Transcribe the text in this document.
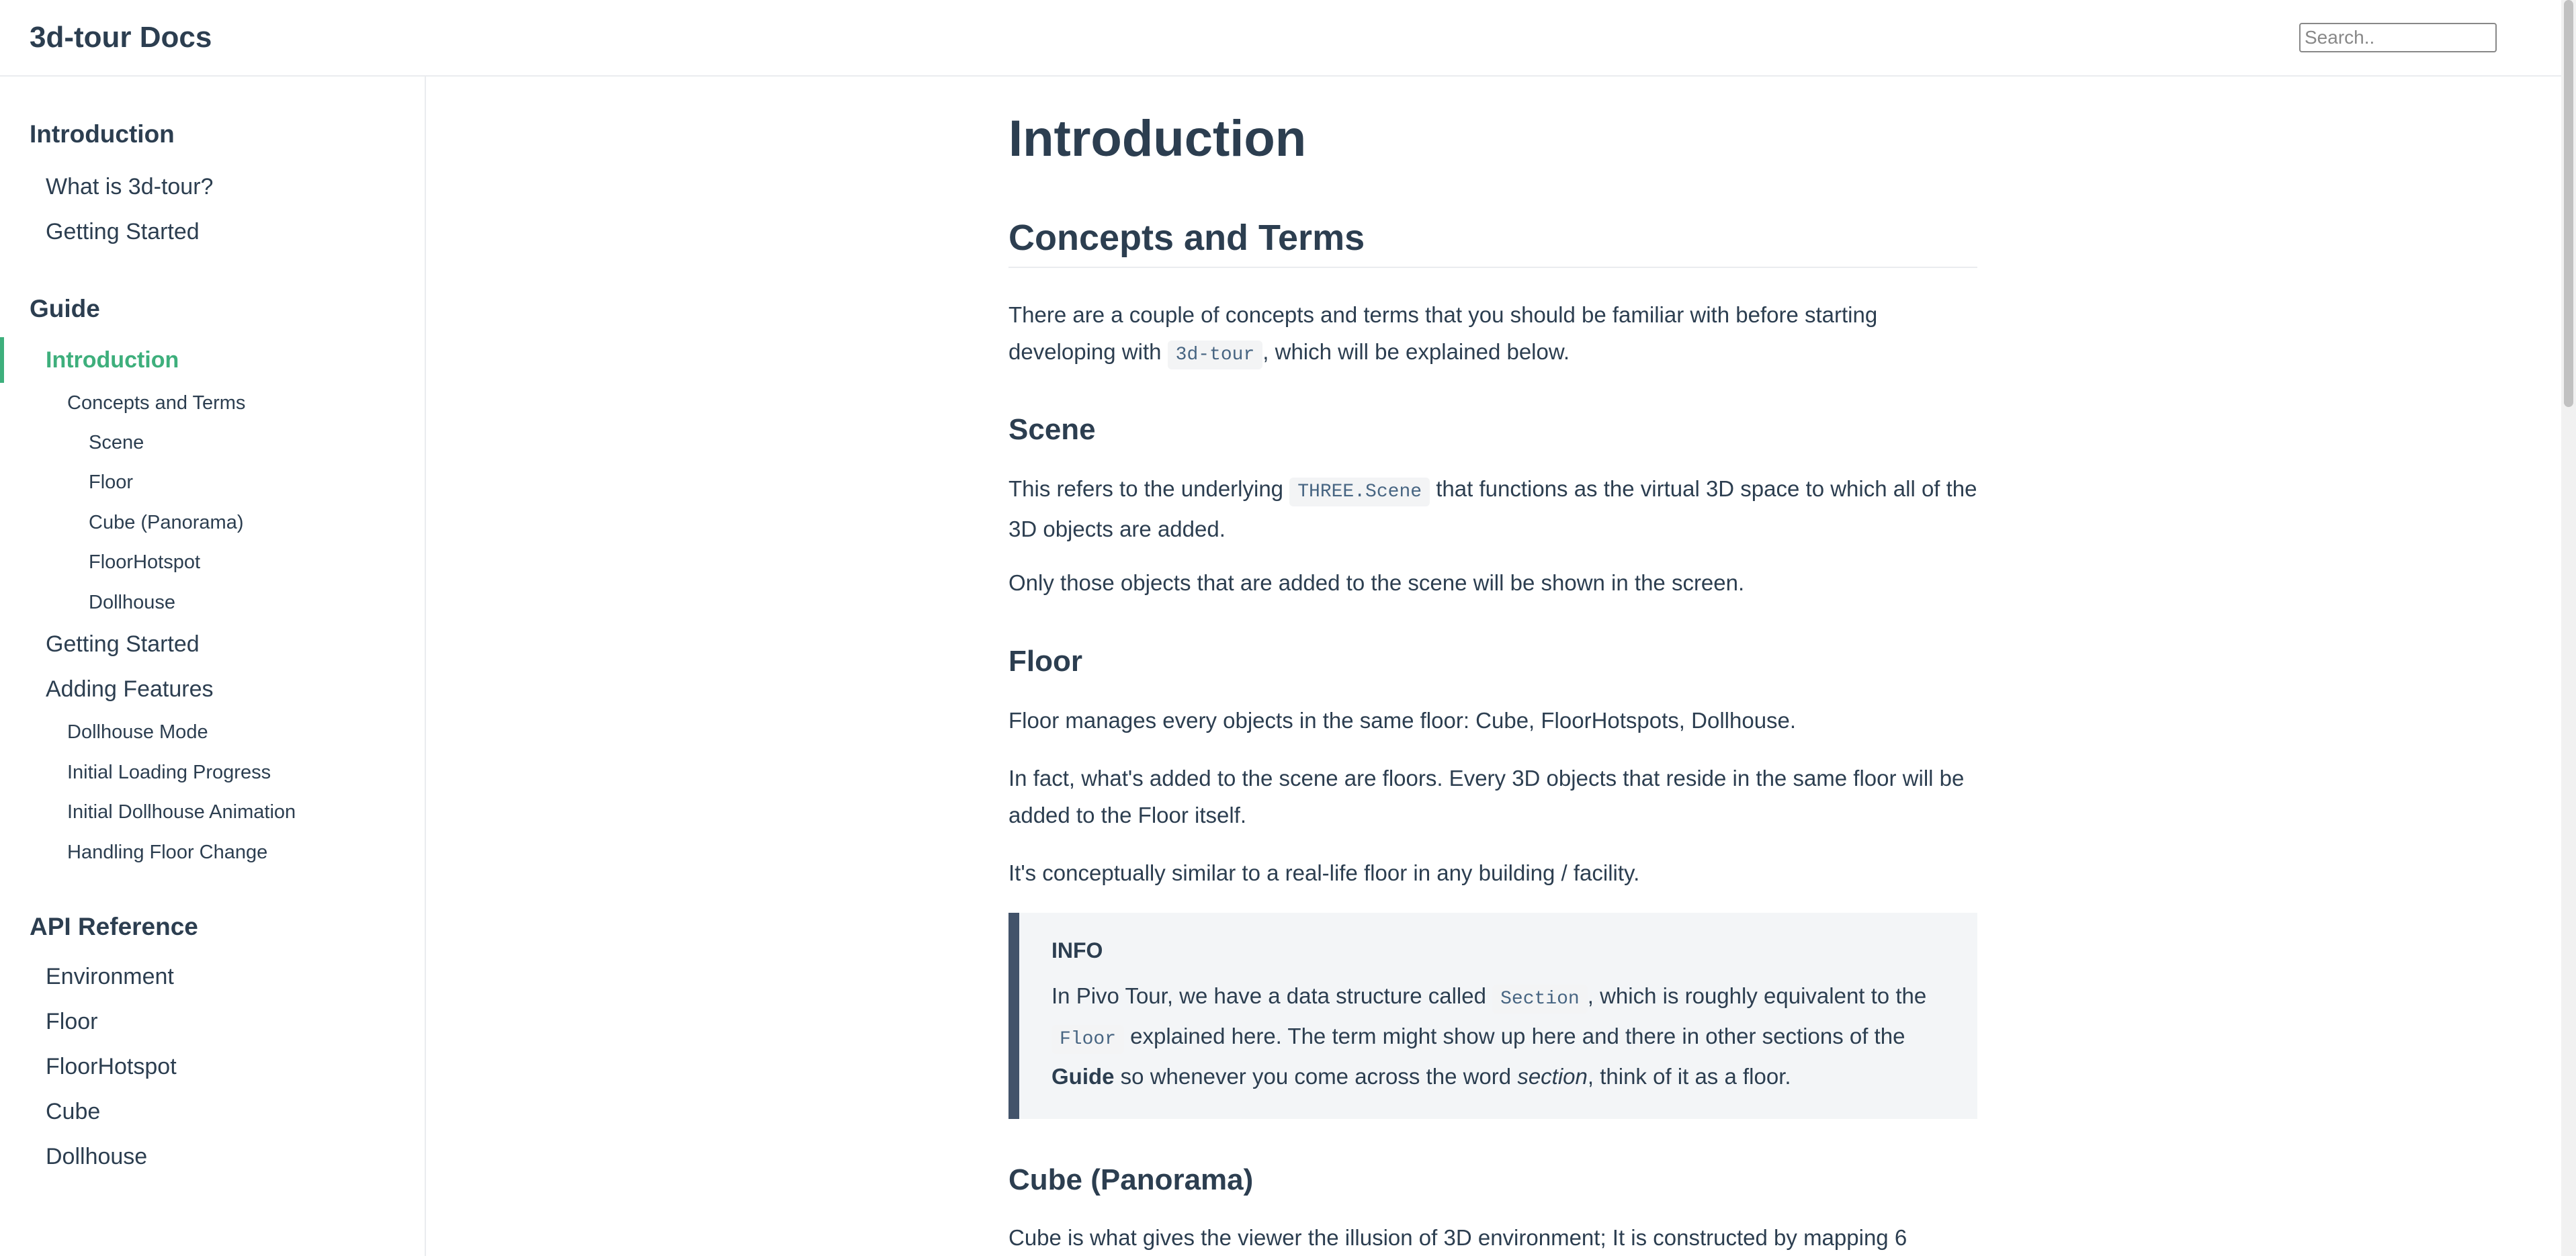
3d-tour Docs
Search..
Introduction
What is 3d-tour?
Getting Started
Guide
Introduction
Concepts and Terms
Scene
Floor
Cube (Panorama)
FloorHotspot
Dollhouse
Getting Started
Adding Features
Dollhouse Mode
Initial Loading Progress
Initial Dollhouse Animation
Handling Floor Change
API Reference
Environment
Floor
FloorHotspot
Cube
Dollhouse
Introduction
Concepts and Terms

There are a couple of concepts and terms that you should be familiar with before starting developing with 3d-tour , which will be explained below.

Scene

This refers to the underlying THREE.Scene that functions as the virtual 3D space to which all of the 3D objects are added.

Only those objects that are added to the scene will be shown in the screen.

Floor

Floor manages every objects in the same floor: Cube, FloorHotspots, Dollhouse.

In fact, what's added to the scene are floors. Every 3D objects that reside in the same floor will be added to the Floor itself.

It's conceptually similar to a real-life floor in any building / facility.

INFO
In Pivo Tour, we have a data structure called Section , which is roughly equivalent to the Floor explained here. The term might show up here and there in other sections of the Guide so whenever you come across the word section, think of it as a floor.
Cube (Panorama)

Cube is what gives the viewer the illusion of 3D environment; It is constructed by mapping 6
